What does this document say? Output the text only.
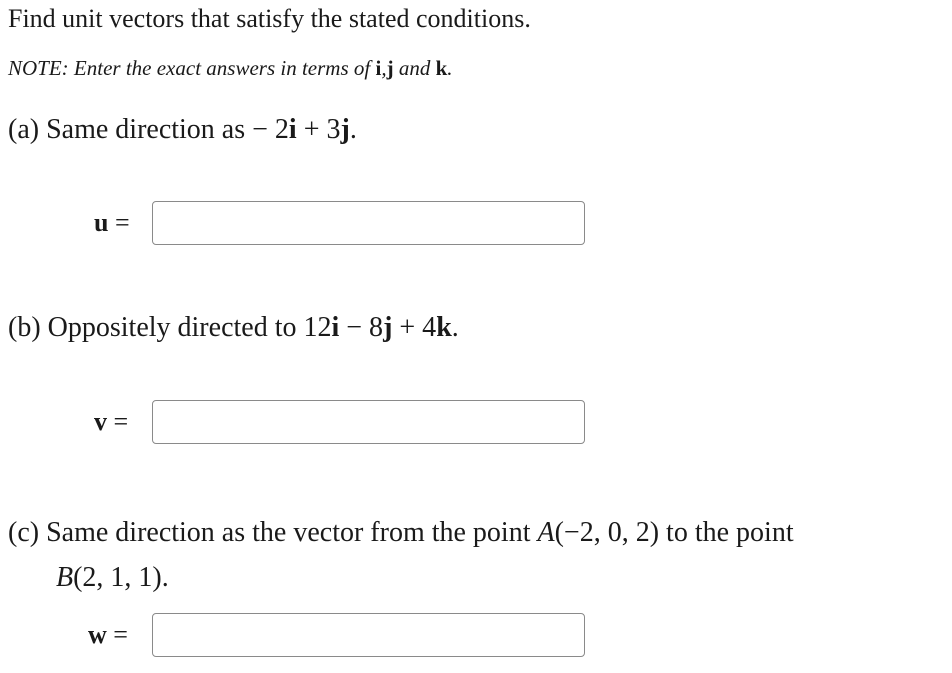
Find unit vectors that satisfy the stated conditions.
NOTE: Enter the exact answers in terms of i,j and k.
(a) Same direction as − 2i + 3j.
u =
(b) Oppositely directed to 12i − 8j + 4k.
v =
(c) Same direction as the vector from the point A(−2, 0, 2) to the point
B(2, 1, 1).
w =
